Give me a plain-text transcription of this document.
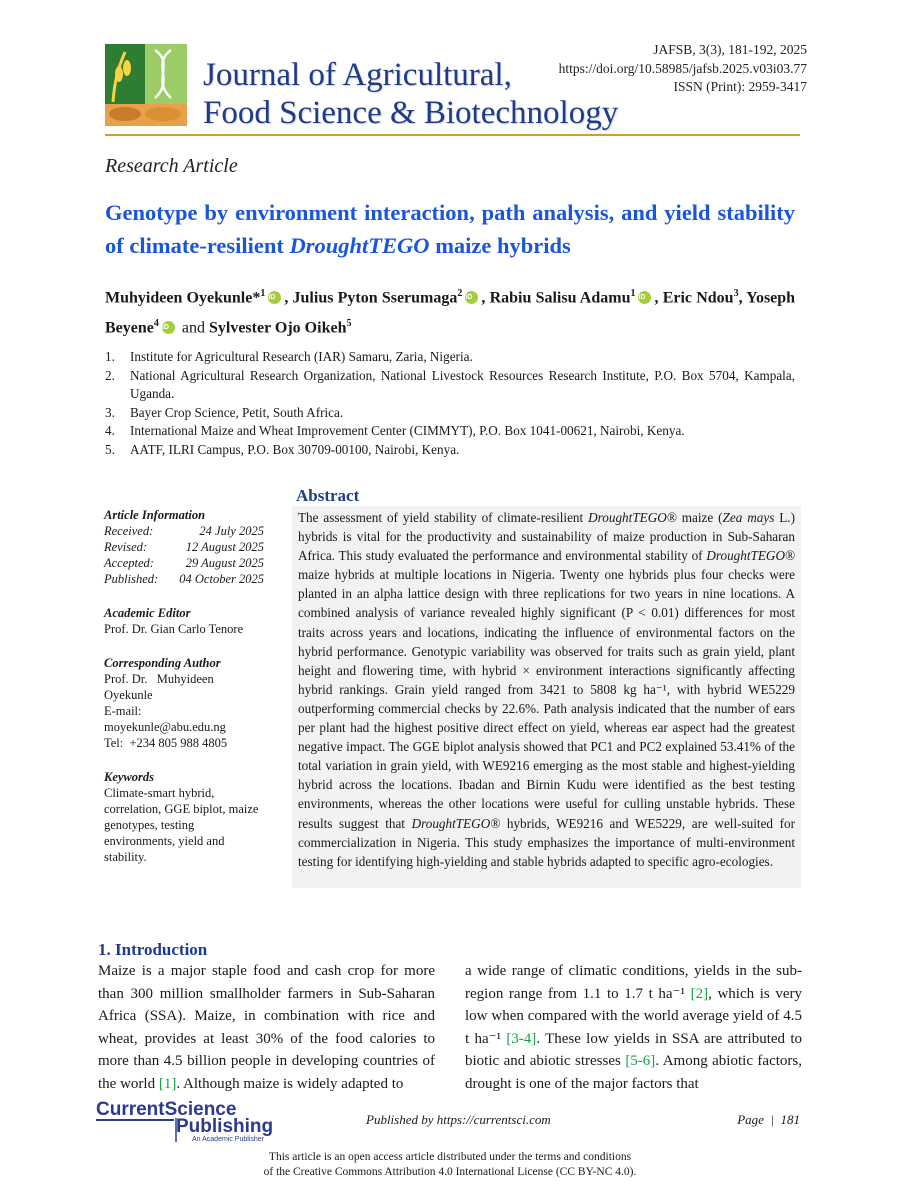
Journal of Agricultural,
Food Science & Biotechnology
JAFSB, 3(3), 181-192, 2025
https://doi.org/10.58985/jafsb.2025.v03i03.77
ISSN (Print): 2959-3417
Research Article
Genotype by environment interaction, path analysis, and yield stability of climate-resilient DroughtTEGO maize hybrids
Muhyideen Oyekunle*$^1$ iD , Julius Pyton Sserumaga$^2$ iD , Rabiu Salisu Adamu$^1$ iD , Eric Ndou$^3$, Yoseph Beyene$^4$ iD and Sylvester Ojo Oikeh$^5$
1.	Institute for Agricultural Research (IAR) Samaru, Zaria, Nigeria.
2.	National Agricultural Research Organization, National Livestock Resources Research Institute, P.O. Box 5704, Kampala, Uganda.
3.	Bayer Crop Science, Petit, South Africa.
4.	International Maize and Wheat Improvement Center (CIMMYT), P.O. Box 1041-00621, Nairobi, Kenya.
5.	AATF, ILRI Campus, P.O. Box 30709-00100, Nairobi, Kenya.
Article Information
Received:	24 July 2025
Revised:	12 August 2025
Accepted:	29 August 2025
Published: 04 October 2025
Academic Editor
Prof. Dr. Gian Carlo Tenore
Corresponding Author
Prof. Dr.   Muhyideen
Oyekunle
E-mail:
moyekunle@abu.edu.ng
Tel:  +234 805 988 4805
Keywords
Climate-smart hybrid, correlation, GGE biplot, maize genotypes, testing environments, yield and stability.
Abstract
The assessment of yield stability of climate-resilient DroughtTEGO® maize (Zea mays L.) hybrids is vital for the productivity and sustainability of maize production in Sub-Saharan Africa. This study evaluated the performance and environmental stability of DroughtTEGO® maize hybrids at multiple locations in Nigeria. Twenty one hybrids plus four checks were planted in an alpha lattice design with three replications for two years in nine locations. A combined analysis of variance revealed highly significant (P < 0.01) differences for most traits across years and locations, indicating the influence of environmental factors on the hybrid performance. Genotypic variability was observed for traits such as grain yield, plant height and flowering time, with hybrid × environment interactions significantly affecting hybrid rankings. Grain yield ranged from 3421 to 5808 kg ha⁻¹, with hybrid WE5229 outperforming commercial checks by 22.6%. Path analysis indicated that the number of ears per plant had the highest positive direct effect on yield, whereas ear aspect had the greatest negative impact. The GGE biplot analysis showed that PC1 and PC2 explained 53.41% of the total variation in grain yield, with WE9216 emerging as the most stable and highest-yielding hybrid across the locations. Ibadan and Birnin Kudu were identified as the best testing environments, whereas the other locations were useful for culling unstable hybrids. These results suggest that DroughtTEGO® hybrids, WE9216 and WE5229, are well-suited for commercialization in Nigeria. This study emphasizes the importance of multi-environment testing for identifying high-yielding and stable hybrids adapted to specific agro-ecologies.
1. Introduction
Maize is a major staple food and cash crop for more than 300 million smallholder farmers in Sub-Saharan Africa (SSA). Maize, in combination with rice and wheat, provides at least 30% of the food calories to more than 4.5 billion people in developing countries of the world [1]. Although maize is widely adapted to
a wide range of climatic conditions, yields in the sub-region range from 1.1 to 1.7 t ha⁻¹ [2], which is very low when compared with the world average yield of 4.5 t ha⁻¹ [3-4]. These low yields in SSA are attributed to biotic and abiotic stresses [5-6]. Among abiotic factors, drought is one of the major factors that
CurrentScience
Publishing
An Academic Publisher
Published by https://currentsci.com	Page | 181
This article is an open access article distributed under the terms and conditions
of the Creative Commons Attribution 4.0 International License (CC BY-NC 4.0).
